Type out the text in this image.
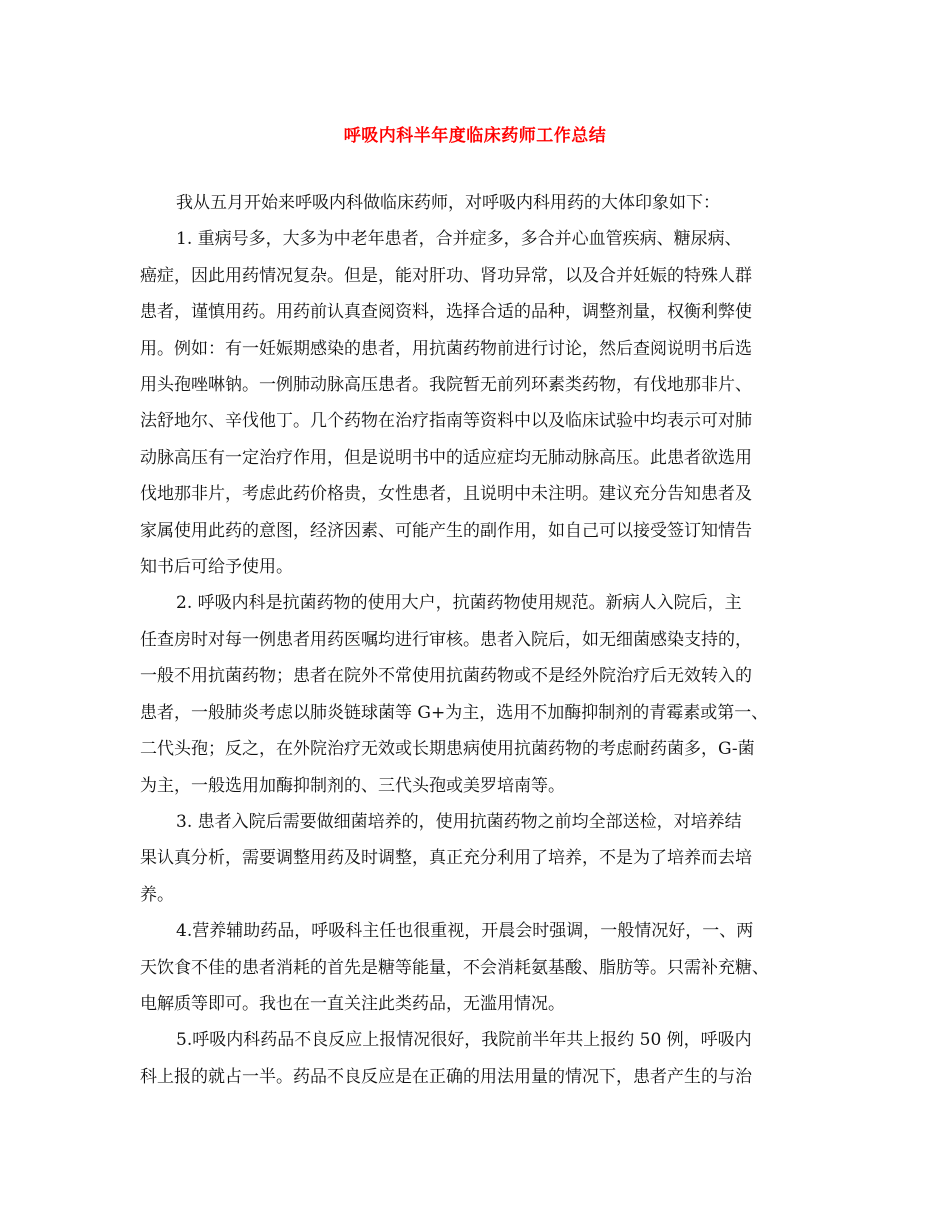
呼吸内科半年度临床药师工作总结
我从五月开始来呼吸内科做临床药师，对呼吸内科用药的大体印象如下：
1. 重病号多，大多为中老年患者，合并症多，多合并心血管疾病、糖尿病、
癌症，因此用药情况复杂。但是，能对肝功、肾功异常，以及合并妊娠的特殊人群
患者，谨慎用药。用药前认真查阅资料，选择合适的品种，调整剂量，权衡利弊使
用。例如：有一妊娠期感染的患者，用抗菌药物前进行讨论，然后查阅说明书后选
用头孢唑啉钠。一例肺动脉高压患者。我院暂无前列环素类药物，有伐地那非片、
法舒地尔、辛伐他丁。几个药物在治疗指南等资料中以及临床试验中均表示可对肺
动脉高压有一定治疗作用，但是说明书中的适应症均无肺动脉高压。此患者欲选用
伐地那非片，考虑此药价格贵，女性患者，且说明中未注明。建议充分告知患者及
家属使用此药的意图，经济因素、可能产生的副作用，如自己可以接受签订知情告
知书后可给予使用。
2. 呼吸内科是抗菌药物的使用大户，抗菌药物使用规范。新病人入院后，主
任查房时对每一例患者用药医嘱均进行审核。患者入院后，如无细菌感染支持的，
一般不用抗菌药物；患者在院外不常使用抗菌药物或不是经外院治疗后无效转入的
患者，一般肺炎考虑以肺炎链球菌等 G+为主，选用不加酶抑制剂的青霉素或第一、
二代头孢；反之，在外院治疗无效或长期患病使用抗菌药物的考虑耐药菌多，G-菌
为主，一般选用加酶抑制剂的、三代头孢或美罗培南等。
3. 患者入院后需要做细菌培养的，使用抗菌药物之前均全部送检，对培养结
果认真分析，需要调整用药及时调整，真正充分利用了培养，不是为了培养而去培
养。
4.营养辅助药品，呼吸科主任也很重视，开晨会时强调，一般情况好，一、两
天饮食不佳的患者消耗的首先是糖等能量，不会消耗氨基酸、脂肪等。只需补充糖、
电解质等即可。我也在一直关注此类药品，无滥用情况。
5.呼吸内科药品不良反应上报情况很好，我院前半年共上报约 50 例，呼吸内
科上报的就占一半。药品不良反应是在正确的用法用量的情况下，患者产生的与治
